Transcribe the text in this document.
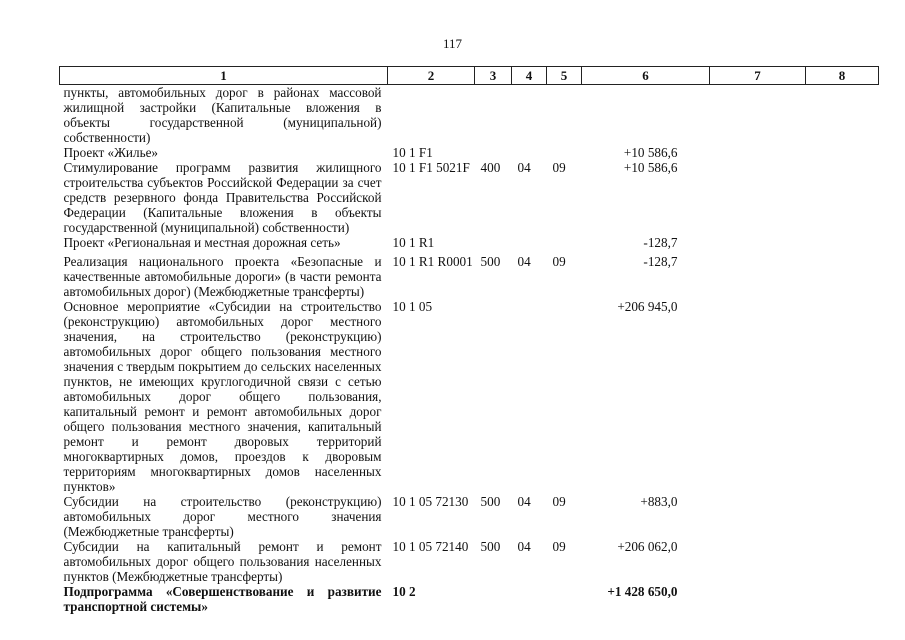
117
1	2	3	4	5	6	7	8
пункты, автомобильных дорог в районах массовой жилищной застройки (Капитальные вложения в объекты государственной (муниципальной) собственности)							
Проект «Жилье»	10 1 F1				+10 586,6		
Стимулирование программ развития жилищного строительства субъектов Российской Федерации за счет средств резервного фонда Правительства Российской Федерации (Капитальные вложения в объекты государственной (муниципальной) собственности)	10 1 F1 5021F	400	04	09	+10 586,6		
Проект «Региональная и местная дорожная сеть»	10 1 R1				-128,7		
Реализация национального проекта «Безопасные и качественные автомобильные дороги» (в части ремонта автомобильных дорог) (Межбюджетные трансферты)	10 1 R1 R0001	500	04	09	-128,7		
Основное мероприятие «Субсидии на строительство (реконструкцию) автомобильных дорог местного значения, на строительство (реконструкцию) автомобильных дорог общего пользования местного значения с твердым покрытием до сельских населенных пунктов, не имеющих круглогодичной связи с сетью автомобильных дорог общего пользования, капитальный ремонт и ремонт автомобильных дорог общего пользования местного значения, капитальный ремонт и ремонт дворовых территорий многоквартирных домов, проездов к дворовым территориям многоквартирных домов населенных пунктов»	10 1 05				+206 945,0		
Субсидии на строительство (реконструкцию) автомобильных дорог местного значения (Межбюджетные трансферты)	10 1 05 72130	500	04	09	+883,0		
Субсидии на капитальный ремонт и ремонт автомобильных дорог общего пользования населенных пунктов (Межбюджетные трансферты)	10 1 05 72140	500	04	09	+206 062,0		
Подпрограмма «Совершенствование и развитие транспортной системы»	10 2				+1 428 650,0		
